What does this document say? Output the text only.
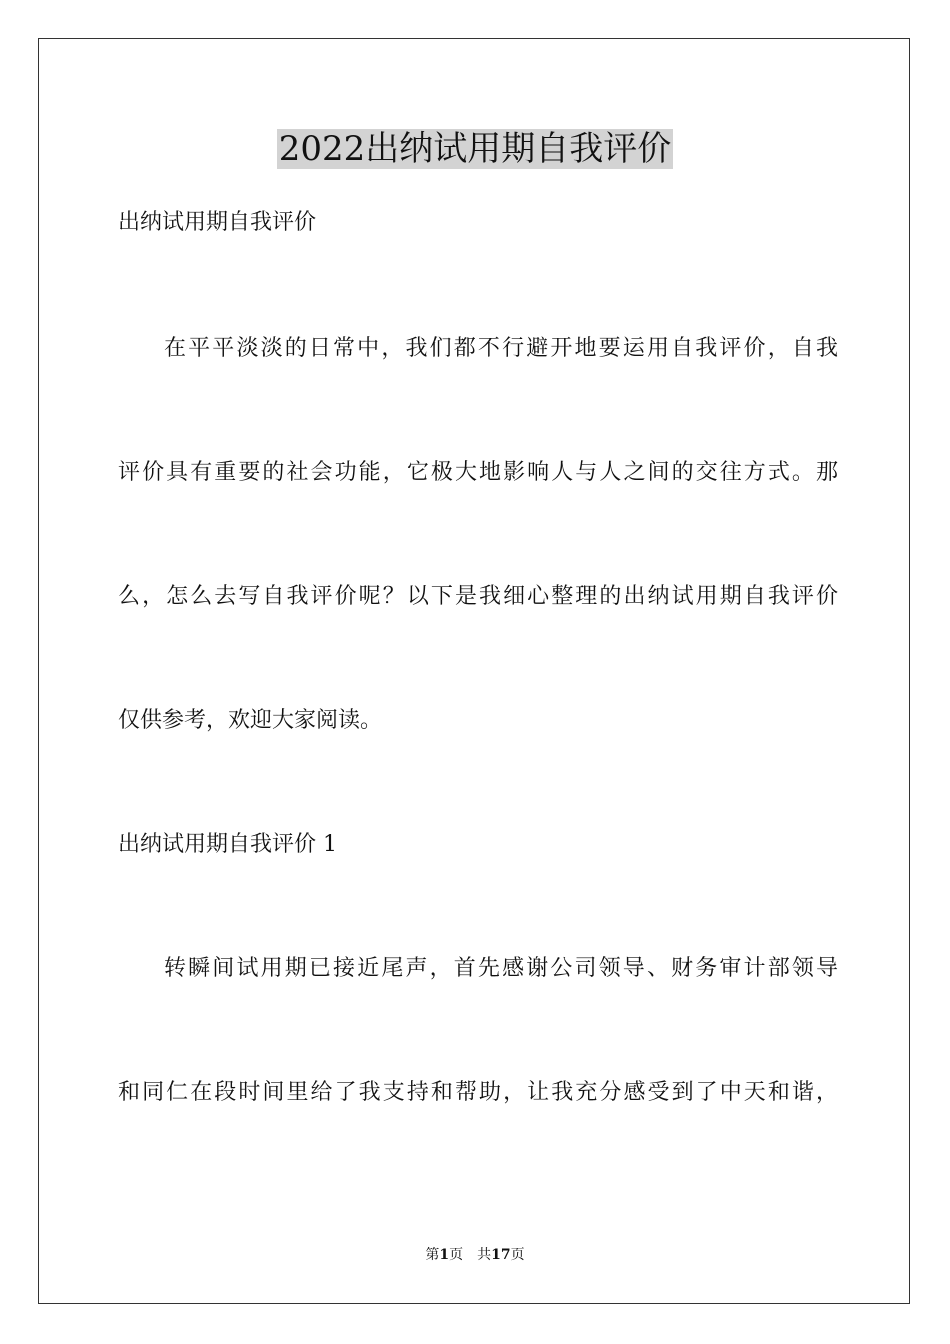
2022出纳试用期自我评价

出纳试用期自我评价

在平平淡淡的日常中，我们都不行避开地要运用自我评价，自我

评价具有重要的社会功能，它极大地影响人与人之间的交往方式。那

么，怎么去写自我评价呢？以下是我细心整理的出纳试用期自我评价

仅供参考，欢迎大家阅读。

出纳试用期自我评价 1

转瞬间试用期已接近尾声，首先感谢公司领导、财务审计部领导

和同仁在段时间里给了我支持和帮助，让我充分感受到了中天和谐，

第1页 共17页
